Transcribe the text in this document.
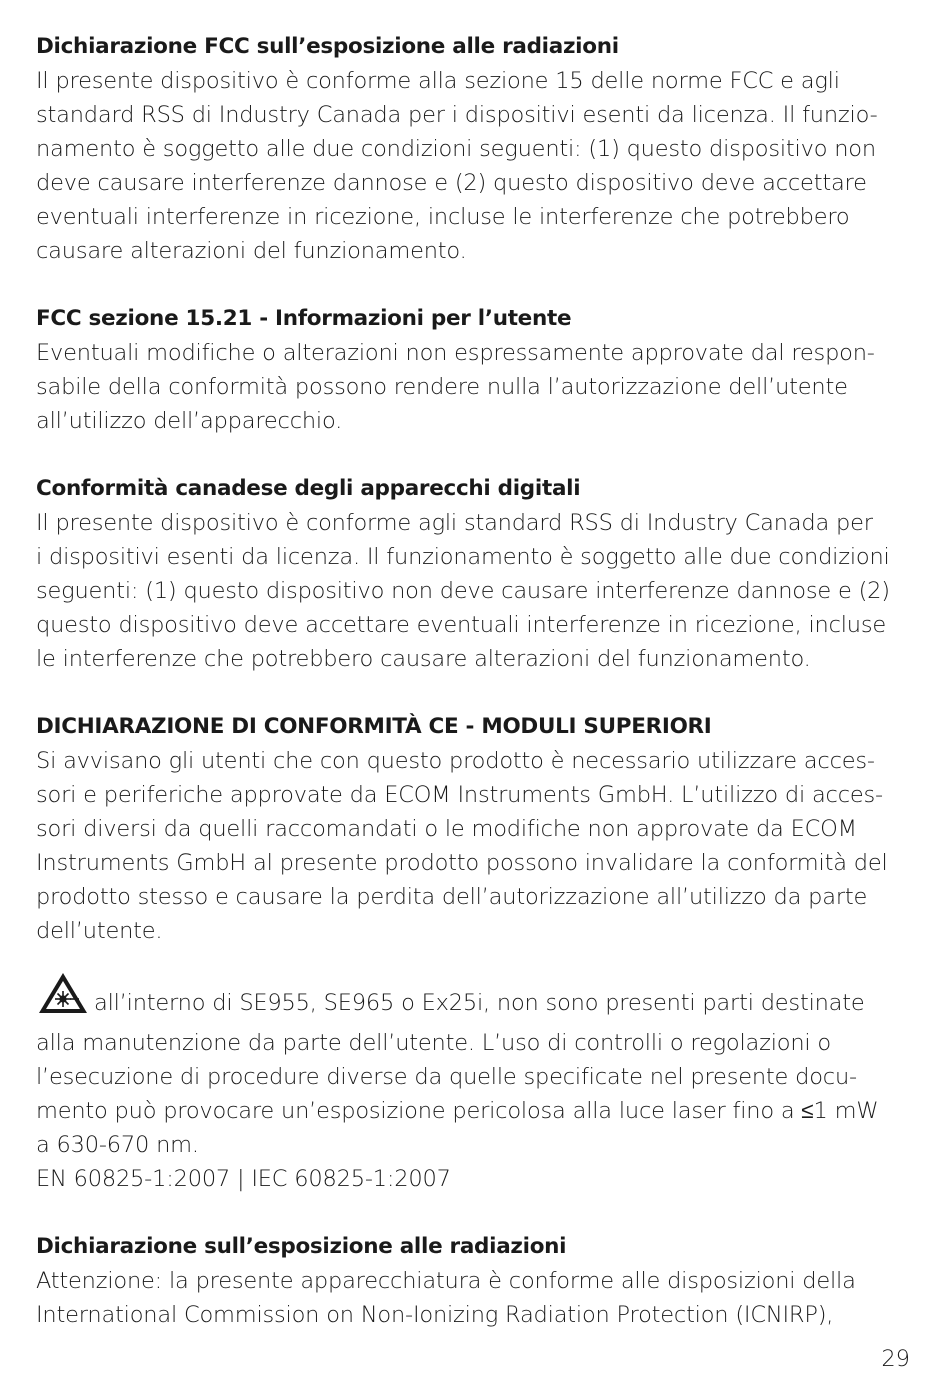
Dichiarazione FCC sull’esposizione alle radiazioni

Il presente dispositivo è conforme alla sezione 15 delle norme FCC e agli

standard RSS di Industry Canada per i dispositivi esenti da licenza. Il funzio-

namento è soggetto alle due condizioni seguenti: (1) questo dispositivo non

deve causare interferenze dannose e (2) questo dispositivo deve accettare

eventuali interferenze in ricezione, incluse le interferenze che potrebbero

causare alterazioni del funzionamento.

FCC sezione 15.21 - Informazioni per l’utente

Eventuali modifiche o alterazioni non espressamente approvate dal respon-

sabile della conformità possono rendere nulla l’autorizzazione dell’utente

all’utilizzo dell’apparecchio.

Conformità canadese degli apparecchi digitali

Il presente dispositivo è conforme agli standard RSS di Industry Canada per

i dispositivi esenti da licenza. Il funzionamento è soggetto alle due condizioni

seguenti: (1) questo dispositivo non deve causare interferenze dannose e (2)

questo dispositivo deve accettare eventuali interferenze in ricezione, incluse

le interferenze che potrebbero causare alterazioni del funzionamento.

DICHIARAZIONE DI CONFORMITÀ CE - MODULI SUPERIORI

Si avvisano gli utenti che con questo prodotto è necessario utilizzare acces-

sori e periferiche approvate da ECOM Instruments GmbH. L’utilizzo di acces-

sori diversi da quelli raccomandati o le modifiche non approvate da ECOM

Instruments GmbH al presente prodotto possono invalidare la conformità del

prodotto stesso e causare la perdita dell’autorizzazione all’utilizzo da parte

dell’utente.

all’interno di SE955, SE965 o Ex25i, non sono presenti parti destinate

alla manutenzione da parte dell’utente. L’uso di controlli o regolazioni o

l’esecuzione di procedure diverse da quelle specificate nel presente docu-

mento può provocare un’esposizione pericolosa alla luce laser fino a ≤1 mW

a 630-670 nm.

EN 60825-1:2007 | IEC 60825-1:2007

Dichiarazione sull’esposizione alle radiazioni

Attenzione: la presente apparecchiatura è conforme alle disposizioni della

International Commission on Non-Ionizing Radiation Protection (ICNIRP),

29
